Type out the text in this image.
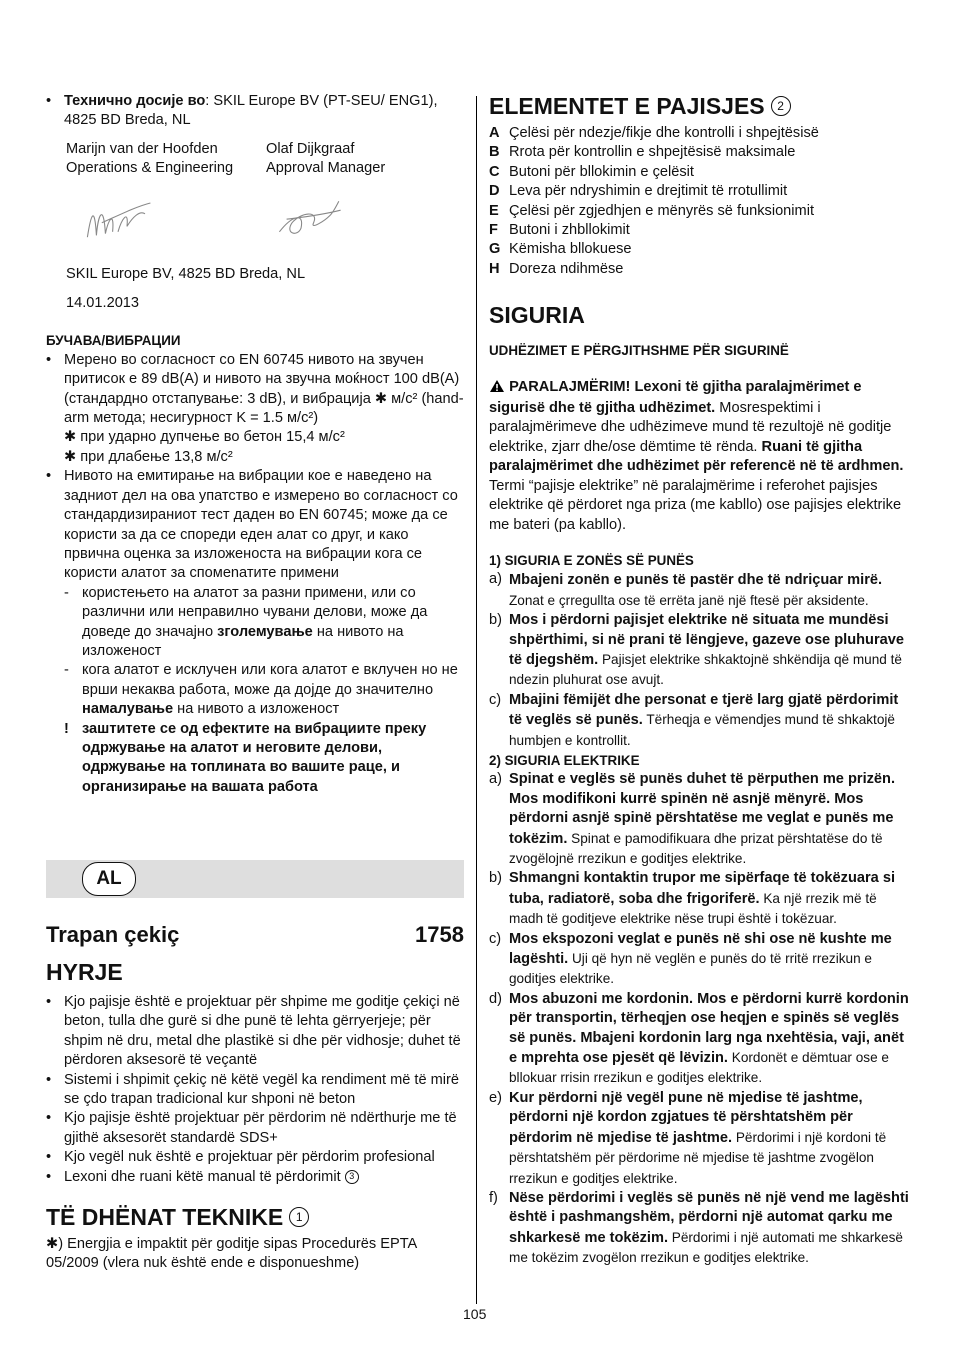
• Технично досије во: SKIL Europe BV (PT-SEU/ ENG1), 4825 BD Breda, NL

Marijn van der Hoofden
Operations & Engineering
Olaf Dijkgraaf
Approval Manager

SKIL Europe BV, 4825 BD Breda, NL

14.01.2013

БУЧАВА/ВИБРАЦИИ

• Мерено во согласност со EN 60745 нивото на звучен притисок е 89 dB(A) и нивото на звучна моќност 100 dB(A) (стандардно отстапување: 3 dB), и вибрација ✱ м/с² (hand-arm метода; несигурност K = 1.5 м/с²)
✱ при ударно дупчење во бетон 15,4 м/с²
✱ при длабење 13,8 м/с²

• Нивото на емитирање на вибрации кое е наведено на задниот дел на ова упатство е измерено во согласност со стандардизираниот тест даден во EN 60745; може да се користи за да се спореди еден алат со друг, и како првична оценка за изложеноста на вибрации кога се користи алатот за спомenатите примени

- користењето на алатот за разни примени, или со различни или неправилно чувани делови, може да доведе до значајно зголемување на нивото на изложеност

- кога алатот е исклучен или кога алатот е вклучен но не врши некаква работа, може да дојде до значително намалување на нивото а изложеност

! заштитете се од ефектите на вибрациите преку одржување на алатот и неговите делови, одржување на топлината во вашите раце, и организирање на вашата работа

AL
Trapan çekiç	1758

HYRJE

• Kjo pajisje është e projektuar për shpime me goditje çekiçi në beton, tulla dhe gurë si dhe punë të lehta gërryerjeje; për shpim në dru, metal dhe plastikë si dhe për vidhosje; duhet të përdoren aksesorë të veçantë

• Sistemi i shpimit çekiç në këtë vegël ka rendiment më të mirë se çdo trapan tradicional kur shponi në beton

• Kjo pajisje është projektuar për përdorim në ndërthurje me të gjithë aksesorët standardë SDS+

• Kjo vegël nuk është e projektuar për përdorim profesional

• Lexoni dhe ruani këtë manual të përdorimit 3

TË DHËNAT TEKNIKE 1

✱) Energjia e impaktit për goditje sipas Procedurës EPTA 05/2009 (vlera nuk është ende e disponueshme)

ELEMENTET E PAJISJES 2

A Çelësi për ndezje/fikje dhe kontrolli i shpejtësisë
B Rrota për kontrollin e shpejtësisë maksimale
C Butoni për bllokimin e çelësit
D Leva për ndryshimin e drejtimit të rrotullimit
E Çelësi për zgjedhjen e mënyrës së funksionimit
F Butoni i zhbllokimit
G Këmisha bllokuese
H Doreza ndihmëse

SIGURIA

UDHËZIMET E PËRGJITHSHME PËR SIGURINË

PARALAJMËRIM! Lexoni të gjitha paralajmërimet e sigurisë dhe të gjitha udhëzimet. Mosrespektimi i paralajmërimeve dhe udhëzimeve mund të rezultojë në goditje elektrike, zjarr dhe/ose dëmtime të rënda. Ruani të gjitha paralajmërimet dhe udhëzimet për referencë në të ardhmen. Termi “pajisje elektrike” në paralajmërime i referohet pajisjes elektrike që përdoret nga priza (me kabllo) ose pajisjes elektrike me bateri (pa kabllo).

1) SIGURIA E ZONËS SË PUNËS

a) Mbajeni zonën e punës të pastër dhe të ndriçuar mirë. Zonat e çrregullta ose të errëta janë një ftesë për aksidente.
b) Mos i përdorni pajisjet elektrike në situata me mundësi shpërthimi, si në prani të lëngjeve, gazeve ose pluhurave të djegshëm. Pajisjet elektrike shkaktojnë shkëndija që mund të ndezin pluhurat ose avujt.
c) Mbajini fëmijët dhe personat e tjerë larg gjatë përdorimit të veglës së punës. Tërheqja e vëmendjes mund të shkaktojë humbjen e kontrollit.

2) SIGURIA ELEKTRIKE

a) Spinat e veglës së punës duhet të përputhen me prizën. Mos modifikoni kurrë spinën në asnjë mënyrë. Mos përdorni asnjë spinë përshtatëse me veglat e punës me tokëzim. Spinat e pamodifikuara dhe prizat përshtatëse do të zvogëlojnë rrezikun e goditjes elektrike.
b) Shmangni kontaktin trupor me sipërfaqe të tokëzuara si tuba, radiatorë, soba dhe frigoriferë. Ka një rrezik më të madh të goditjeve elektrike nëse trupi është i tokëzuar.
c) Mos ekspozoni veglat e punës në shi ose në kushte me lagështi. Uji që hyn në veglën e punës do të rritë rrezikun e goditjes elektrike.
d) Mos abuzoni me kordonin. Mos e përdorni kurrë kordonin për transportin, tërheqjen ose heqjen e spinës së veglës së punës. Mbajeni kordonin larg nga nxehtësia, vaji, anët e mprehta ose pjesët që lëvizin. Kordonët e dëmtuar ose e bllokuar rrisin rrezikun e goditjes elektrike.
e) Kur përdorni një vegël pune në mjedise të jashtme, përdorni një kordon zgjatues të përshtatshëm për përdorim në mjedise të jashtme. Përdorimi i një kordoni të përshtatshëm për përdorime në mjedise të jashtme zvogëlon rrezikun e goditjes elektrike.
f) Nëse përdorimi i veglës së punës në një vend me lagështi është i pashmangshëm, përdorni një automat qarku me shkarkesë me tokëzim. Përdorimi i një automati me shkarkesë me tokëzim zvogëlon rrezikun e goditjes elektrike.
105
